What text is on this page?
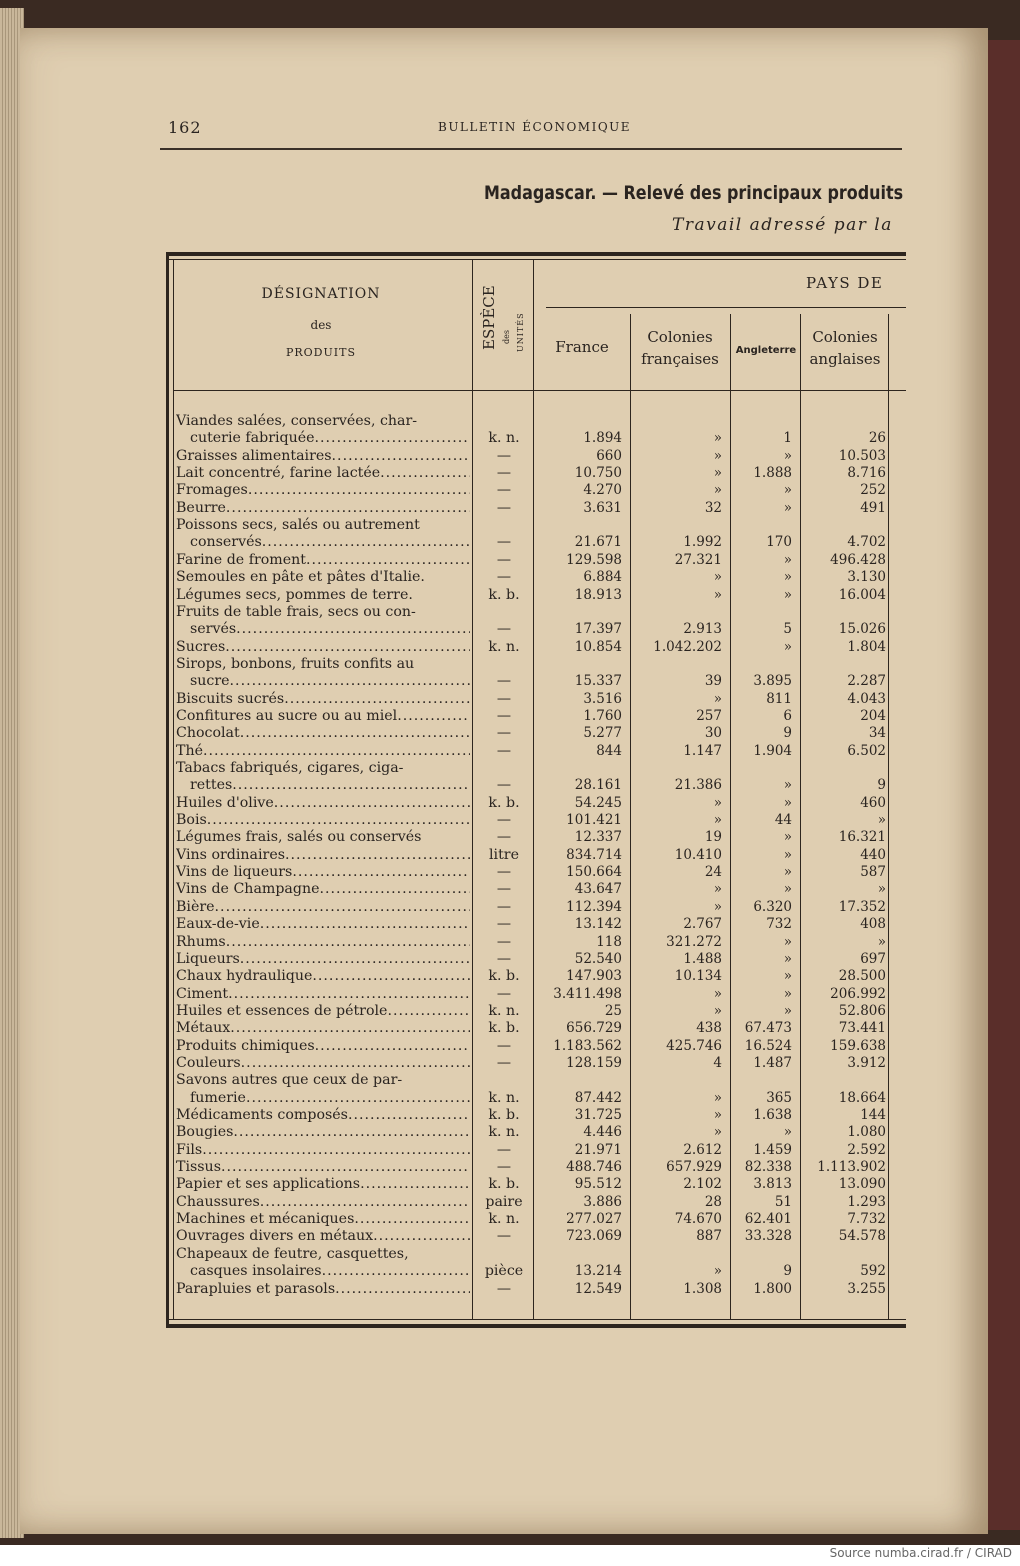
162	BULLETIN ÉCONOMIQUE
Madagascar. — Relevé des principaux produits
Travail adressé par la
DÉSIGNATION
des
PRODUITS
ESPÈCE des UNITÉS
PAYS DE
France
Colonies
françaises	Angleterre
Colonies
anglaises
Viandes salées, conservées, char-
cuterie fabriquée .....	k. n.	1.894	»	1	26
Graisses alimentaires .....	—	660	»	»	10.503
Lait concentré, farine lactée .....	—	10.750	»	1.888	8.716
Fromages .....	—	4.270	»	»	252
Beurre .....	—	3.631	32	»	491
Poissons secs, salés ou autrement
conservés .....	—	21.671	1.992	170	4.702
Farine de froment .....	—	129.598	27.321	»	496.428
Semoules en pâte et pâtes d'Italie.	—	6.884	»	»	3.130
Légumes secs, pommes de terre.	k. b.	18.913	»	»	16.004
Fruits de table frais, secs ou con-
servés .....	—	17.397	2.913	5	15.026
Sucres .....	k. n.	10.854	1.042.202	»	1.804
Sirops, bonbons, fruits confits au
sucre .....	—	15.337	39	3.895	2.287
Biscuits sucrés .....	—	3.516	»	811	4.043
Confitures au sucre ou au miel .....	—	1.760	257	6	204
Chocolat .....	—	5.277	30	9	34
Thé .....	—	844	1.147	1.904	6.502
Tabacs fabriqués, cigares, ciga-
rettes .....	—	28.161	21.386	»	9
Huiles d'olive .....	k. b.	54.245	»	»	460
Bois .....	—	101.421	»	44	»
Légumes frais, salés ou conservés	—	12.337	19	»	16.321
Vins ordinaires .....	litre	834.714	10.410	»	440
Vins de liqueurs .....	—	150.664	24	»	587
Vins de Champagne .....	—	43.647	»	»	»
Bière .....	—	112.394	»	6.320	17.352
Eaux-de-vie .....	—	13.142	2.767	732	408
Rhums .....	—	118	321.272	»	»
Liqueurs .....	—	52.540	1.488	»	697
Chaux hydraulique .....	k. b.	147.903	10.134	»	28.500
Ciment .....	—	3.411.498	»	»	206.992
Huiles et essences de pétrole .....	k. n.	25	»	»	52.806
Métaux .....	k. b.	656.729	438	67.473	73.441
Produits chimiques .....	—	1.183.562	425.746	16.524	159.638
Couleurs .....	—	128.159	4	1.487	3.912
Savons autres que ceux de par-
fumerie .....	k. n.	87.442	»	365	18.664
Médicaments composés .....	k. b.	31.725	»	1.638	144
Bougies .....	k. n.	4.446	»	»	1.080
Fils .....	—	21.971	2.612	1.459	2.592
Tissus .....	—	488.746	657.929	82.338	1.113.902
Papier et ses applications .....	k. b.	95.512	2.102	3.813	13.090
Chaussures .....	paire	3.886	28	51	1.293
Machines et mécaniques .....	k. n.	277.027	74.670	62.401	7.732
Ouvrages divers en métaux .....	—	723.069	887	33.328	54.578
Chapeaux de feutre, casquettes,
casques insolaires .....	pièce	13.214	»	9	592
Parapluies et parasols .....	—	12.549	1.308	1.800	3.255
Source numba.cirad.fr / CIRAD
